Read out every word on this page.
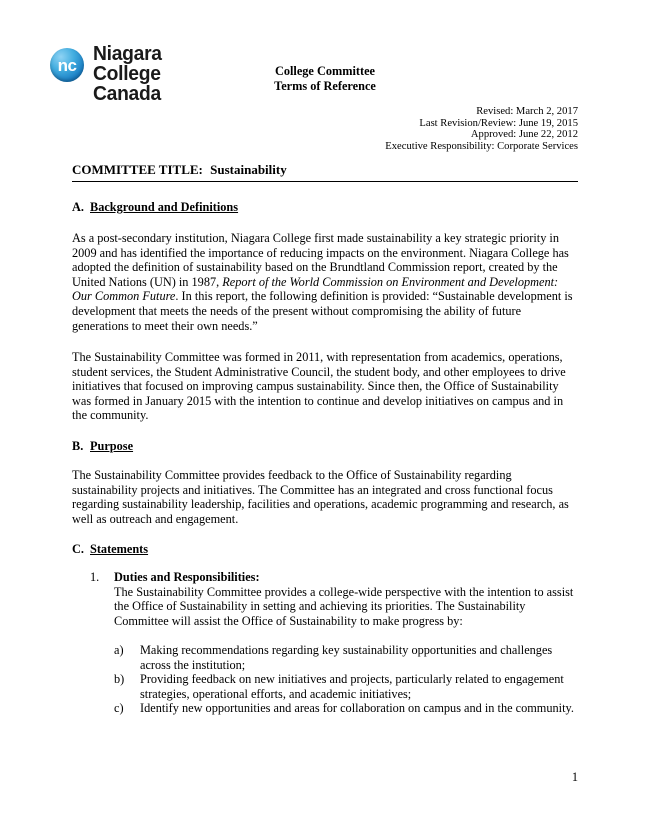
nc Niagara
College
Canada
College Committee
Terms of Reference
Revised: March 2, 2017
Last Revision/Review: June 19, 2015
Approved: June 22, 2012
Executive Responsibility: Corporate Services
COMMITTEE TITLE: Sustainability
A. Background and Definitions
As a post-secondary institution, Niagara College first made sustainability a key strategic priority in 2009 and has identified the importance of reducing impacts on the environment. Niagara College has adopted the definition of sustainability based on the Brundtland Commission report, created by the United Nations (UN) in 1987, Report of the World Commission on Environment and Development: Our Common Future. In this report, the following definition is provided: “Sustainable development is development that meets the needs of the present without compromising the ability of future generations to meet their own needs.”
The Sustainability Committee was formed in 2011, with representation from academics, operations, student services, the Student Administrative Council, the student body, and other employees to drive initiatives that focused on improving campus sustainability. Since then, the Office of Sustainability was formed in January 2015 with the intention to continue and develop initiatives on campus and in the community.
B. Purpose
The Sustainability Committee provides feedback to the Office of Sustainability regarding sustainability projects and initiatives. The Committee has an integrated and cross functional focus regarding sustainability leadership, facilities and operations, academic programming and research, as well as outreach and engagement.
C. Statements
1.	Duties and Responsibilities:
The Sustainability Committee provides a college-wide perspective with the intention to assist the Office of Sustainability in setting and achieving its priorities. The Sustainability Committee will assist the Office of Sustainability to make progress by:
a) Making recommendations regarding key sustainability opportunities and challenges across the institution;
b) Providing feedback on new initiatives and projects, particularly related to engagement strategies, operational efforts, and academic initiatives;
c) Identify new opportunities and areas for collaboration on campus and in the community.
1
